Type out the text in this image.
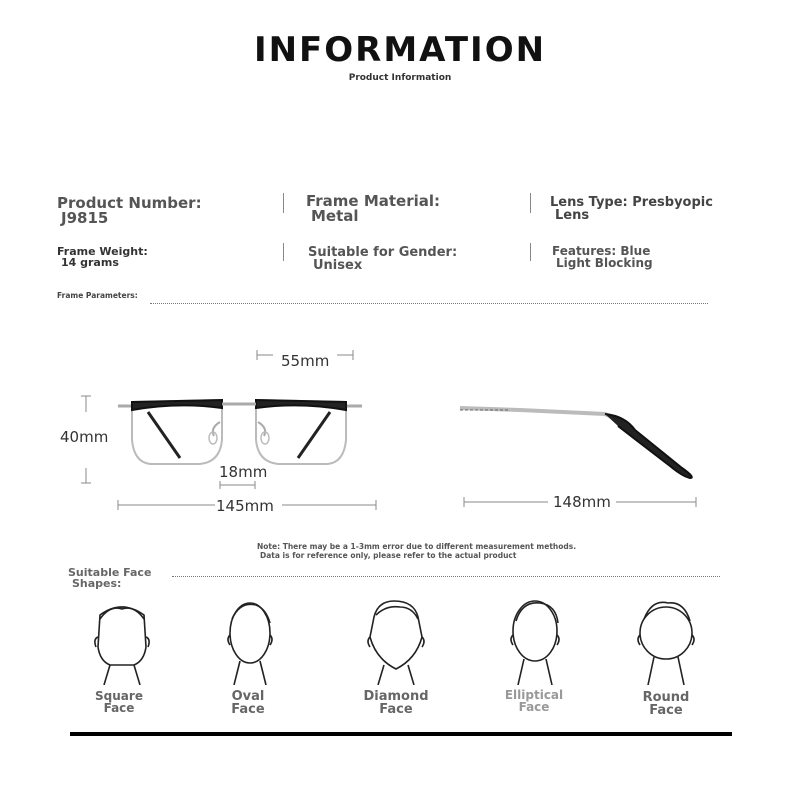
INFORMATION
Product Information
Product Number:
J9815
Frame Material:
Metal
Lens Type: Presbyopic
Lens
Frame Weight:
14 grams
Suitable for Gender:
Unisex
Features: Blue
Light Blocking
Frame Parameters:
55mm
40mm
18mm
145mm	148mm
Note: There may be a 1-3mm error due to different measurement methods.
Data is for reference only, please refer to the actual product
Suitable Face
Shapes:
Square
Face
Oval
Face
Diamond
Face
Elliptical
Face
Round
Face
